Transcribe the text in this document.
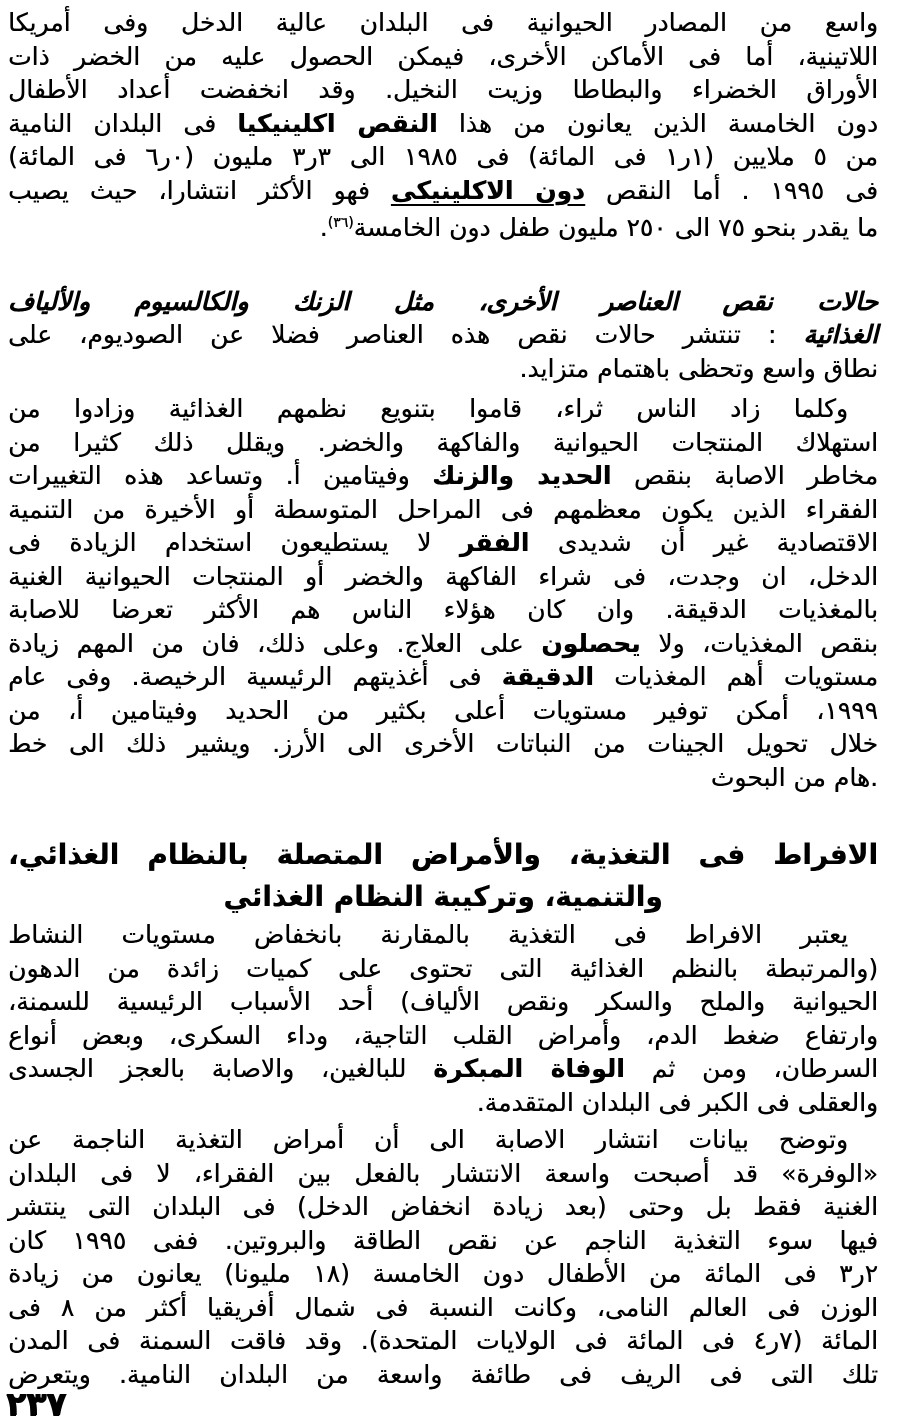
واسع من المصادر الحيوانية فى البلدان عالية الدخل وفى أمريكا
اللاتينية، أما فى الأماكن الأخرى، فيمكن الحصول عليه من الخضر ذات
الأوراق الخضراء والبطاطا وزيت النخيل. وقد انخفضت أعداد الأطفال
دون الخامسة الذين يعانون من هذا النقص اكلينيكيا فى البلدان النامية
من ٥ ملايين (١ر١ فى المائة) فى ١٩٨٥ الى ٣ر٣ مليون (٠ر٦ فى المائة)
فى ١٩٩٥ . أما النقص دون الاكلينيكى فهو الأكثر انتشارا، حيث يصيب
ما يقدر بنحو ٧٥ الى ٢٥٠ مليون طفل دون الخامسة$^{(٣٦)}$.
حالات نقص العناصر الأخرى، مثل الزنك والكالسيوم والألياف
الغذائية : تنتشر حالات نقص هذه العناصر فضلا عن الصوديوم، على
نطاق واسع وتحظى باهتمام متزايد.
وكلما زاد الناس ثراء، قاموا بتنويع نظمهم الغذائية وزادوا من
استهلاك المنتجات الحيوانية والفاكهة والخضر. ويقلل ذلك كثيرا من
مخاطر الاصابة بنقص الحديد والزنك وفيتامين أ. وتساعد هذه التغييرات
الفقراء الذين يكون معظمهم فى المراحل المتوسطة أو الأخيرة من التنمية
الاقتصادية غير أن شديدى الفقر لا يستطيعون استخدام الزيادة فى
الدخل، ان وجدت، فى شراء الفاكهة والخضر أو المنتجات الحيوانية الغنية
بالمغذيات الدقيقة. وان كان هؤلاء الناس هم الأكثر تعرضا للاصابة
بنقص المغذيات، ولا يحصلون على العلاج. وعلى ذلك، فان من المهم زيادة
مستويات أهم المغذيات الدقيقة فى أغذيتهم الرئيسية الرخيصة. وفى عام
١٩٩٩، أمكن توفير مستويات أعلى بكثير من الحديد وفيتامين أ، من
خلال تحويل الجينات من النباتات الأخرى الى الأرز. ويشير ذلك الى خط
.هام من البحوث
الافراط فى التغذية، والأمراض المتصلة بالنظام الغذائي،
والتنمية، وتركيبة النظام الغذائي
يعتبر الافراط فى التغذية بالمقارنة بانخفاض مستويات النشاط
(والمرتبطة بالنظم الغذائية التى تحتوى على كميات زائدة من الدهون
الحيوانية والملح والسكر ونقص الألياف) أحد الأسباب الرئيسية للسمنة،
وارتفاع ضغط الدم، وأمراض القلب التاجية، وداء السكرى، وبعض أنواع
السرطان، ومن ثم الوفاة المبكرة للبالغين، والاصابة بالعجز الجسدى
والعقلى فى الكبر فى البلدان المتقدمة.
وتوضح بيانات انتشار الاصابة الى أن أمراض التغذية الناجمة عن
«الوفرة» قد أصبحت واسعة الانتشار بالفعل بين الفقراء، لا فى البلدان
الغنية فقط بل وحتى (بعد زيادة انخفاض الدخل) فى البلدان التى ينتشر
فيها سوء التغذية الناجم عن نقص الطاقة والبروتين. ففى ١٩٩٥ كان
٢ر٣ فى المائة من الأطفال دون الخامسة (١٨ مليونا) يعانون من زيادة
الوزن فى العالم النامى، وكانت النسبة فى شمال أفريقيا أكثر من ٨ فى
المائة (٧ر٤ فى المائة فى الولايات المتحدة). وقد فاقت السمنة فى المدن
تلك التى فى الريف فى طائفة واسعة من البلدان النامية. ويتعرض
٢٣٧
